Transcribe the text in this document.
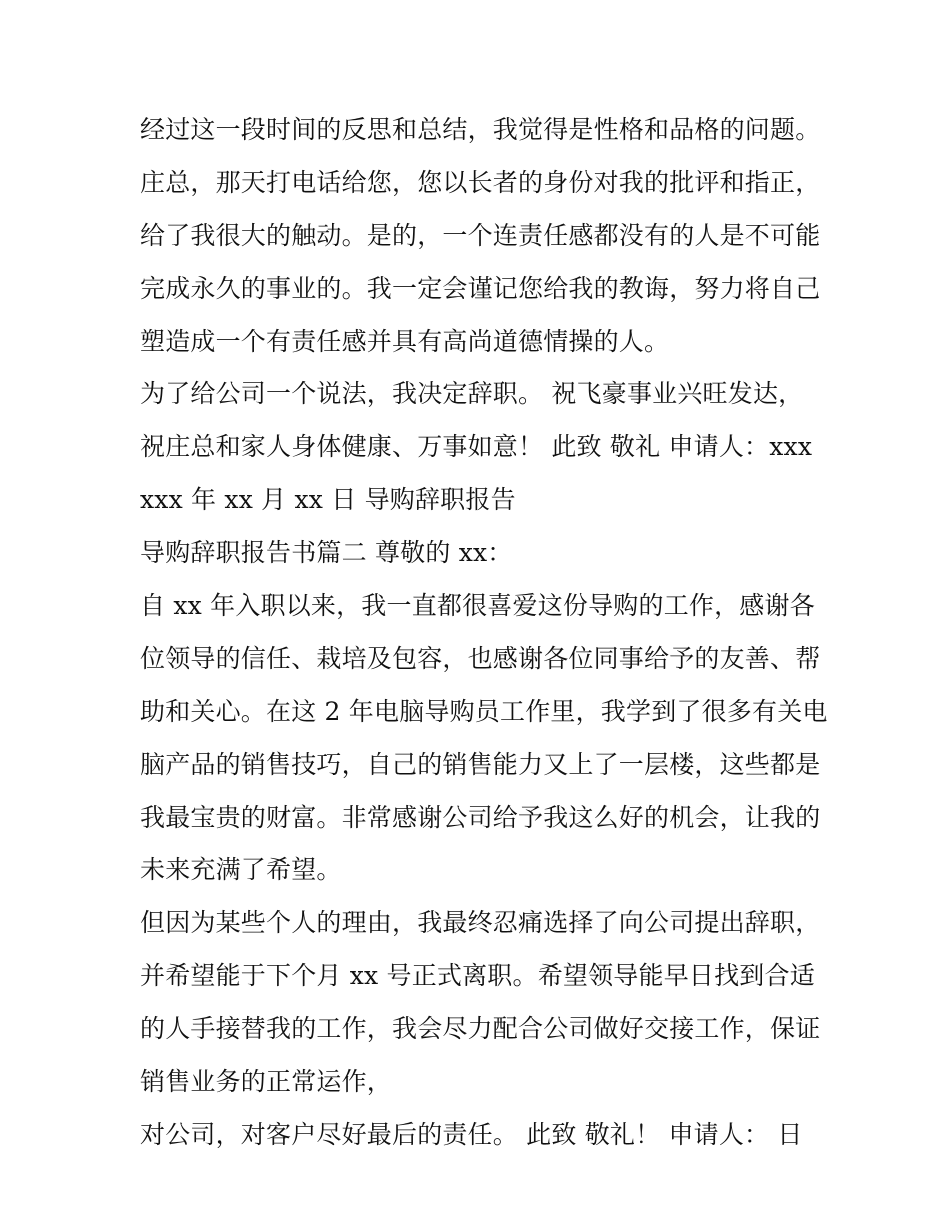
经过这一段时间的反思和总结，我觉得是性格和品格的问题。
庄总，那天打电话给您，您以长者的身份对我的批评和指正，
给了我很大的触动。是的，一个连责任感都没有的人是不可能
完成永久的事业的。我一定会谨记您给我的教诲，努力将自己
塑造成一个有责任感并具有高尚道德情操的人。
为了给公司一个说法，我决定辞职。 祝飞豪事业兴旺发达，
祝庄总和家人身体健康、万事如意！ 此致 敬礼 申请人：xxx
xxx 年 xx 月 xx 日 导购辞职报告
导购辞职报告书篇二 尊敬的 xx：
自 xx 年入职以来，我一直都很喜爱这份导购的工作，感谢各
位领导的信任、栽培及包容，也感谢各位同事给予的友善、帮
助和关心。在这 2 年电脑导购员工作里，我学到了很多有关电
脑产品的销售技巧，自己的销售能力又上了一层楼，这些都是
我最宝贵的财富。非常感谢公司给予我这么好的机会，让我的
未来充满了希望。
但因为某些个人的理由，我最终忍痛选择了向公司提出辞职，
并希望能于下个月 xx 号正式离职。希望领导能早日找到合适
的人手接替我的工作，我会尽力配合公司做好交接工作，保证
销售业务的正常运作，
对公司，对客户尽好最后的责任。 此致 敬礼！ 申请人： 日
